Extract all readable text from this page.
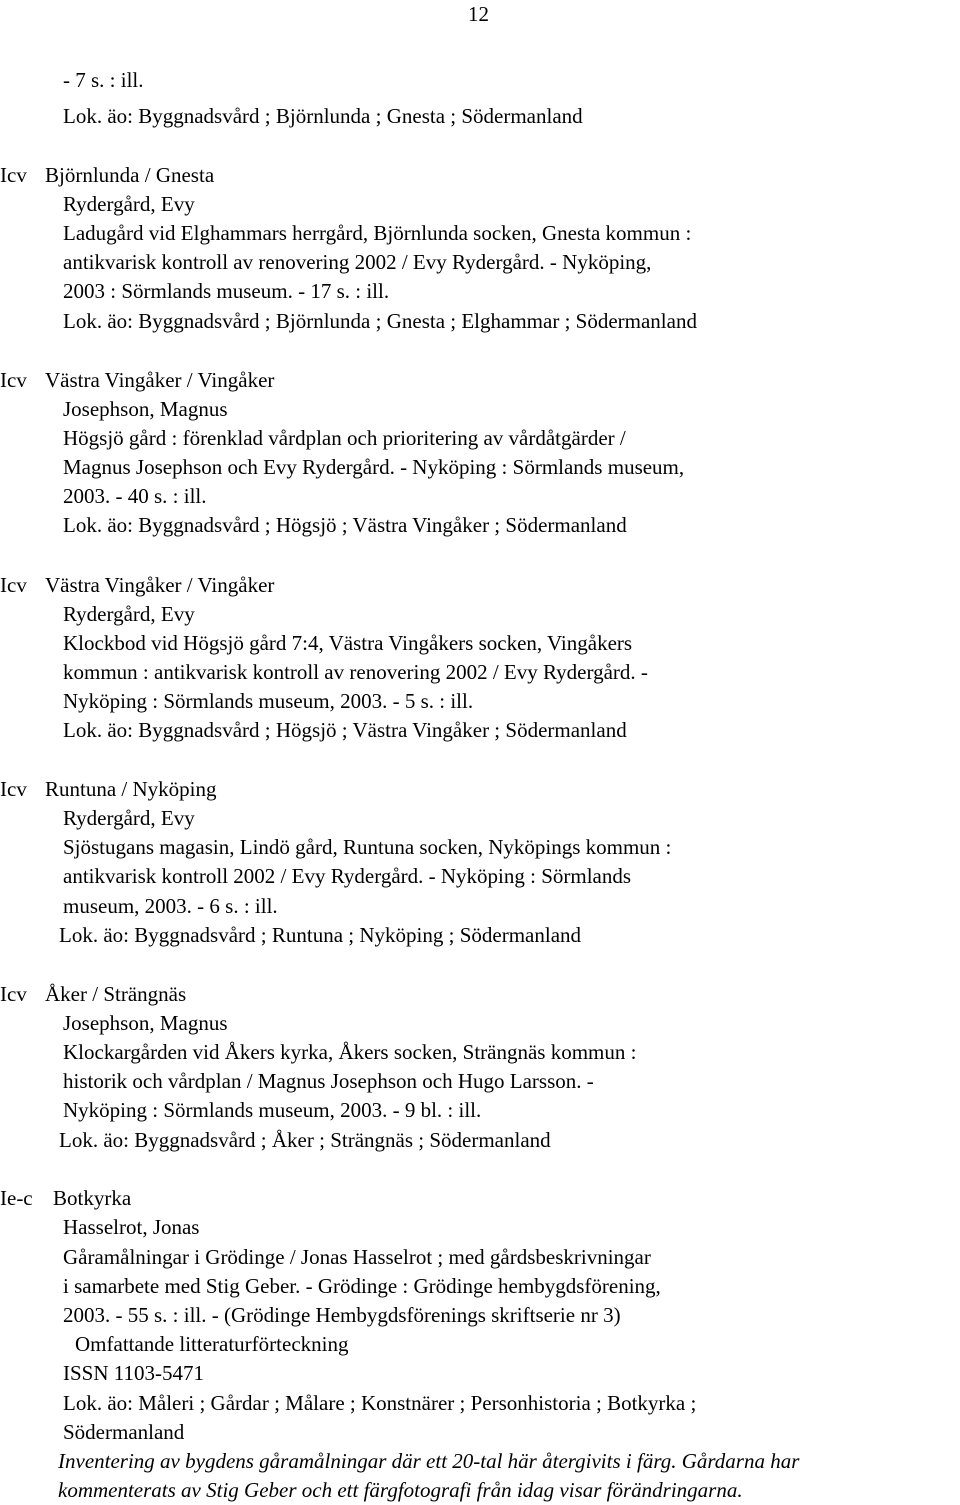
12
- 7 s. : ill.
Lok. äo: Byggnadsvård ; Björnlunda ; Gnesta ; Södermanland
Icv Björnlunda / Gnesta
Rydergård, Evy
Ladugård vid Elghammars herrgård, Björnlunda socken, Gnesta kommun :
antikvarisk kontroll av renovering 2002 / Evy Rydergård. - Nyköping,
2003 : Sörmlands museum. - 17 s. : ill.
Lok. äo: Byggnadsvård ; Björnlunda ; Gnesta ; Elghammar ; Södermanland
Icv Västra Vingåker / Vingåker
Josephson, Magnus
Högsjö gård : förenklad vårdplan och prioritering av vårdåtgärder /
Magnus Josephson och Evy Rydergård. - Nyköping : Sörmlands museum,
2003. - 40 s. : ill.
Lok. äo: Byggnadsvård ; Högsjö ; Västra Vingåker ; Södermanland
Icv Västra Vingåker / Vingåker
Rydergård, Evy
Klockbod vid Högsjö gård 7:4, Västra Vingåkers socken, Vingåkers
kommun : antikvarisk kontroll av renovering 2002 / Evy Rydergård. -
Nyköping : Sörmlands museum, 2003. - 5 s. : ill.
Lok. äo: Byggnadsvård ; Högsjö ; Västra Vingåker ; Södermanland
Icv Runtuna / Nyköping
Rydergård, Evy
Sjöstugans magasin, Lindö gård, Runtuna socken, Nyköpings kommun :
antikvarisk kontroll 2002 / Evy Rydergård. - Nyköping : Sörmlands
museum, 2003. - 6 s. : ill.
Lok. äo: Byggnadsvård ; Runtuna ; Nyköping ; Södermanland
Icv Åker / Strängnäs
Josephson, Magnus
Klockargården vid Åkers kyrka, Åkers socken, Strängnäs kommun :
historik och vårdplan / Magnus Josephson och Hugo Larsson. -
Nyköping : Sörmlands museum, 2003. - 9 bl. : ill.
Lok. äo: Byggnadsvård ; Åker ; Strängnäs ; Södermanland
Ie-c Botkyrka
Hasselrot, Jonas
Gåramålningar i Grödinge / Jonas Hasselrot ; med gårdsbeskrivningar
i samarbete med Stig Geber. - Grödinge : Grödinge hembygdsförening,
2003. - 55 s. : ill. - (Grödinge Hembygdsförenings skriftserie nr 3)
Omfattande litteraturförteckning
ISSN 1103-5471
Lok. äo: Måleri ; Gårdar ; Målare ; Konstnärer ; Personhistoria ; Botkyrka ;
Södermanland
Inventering av bygdens gåramålningar där ett 20-tal här återgivits i färg. Gårdarna har
kommenterats av Stig Geber och ett färgfotografi från idag visar förändringarna.
